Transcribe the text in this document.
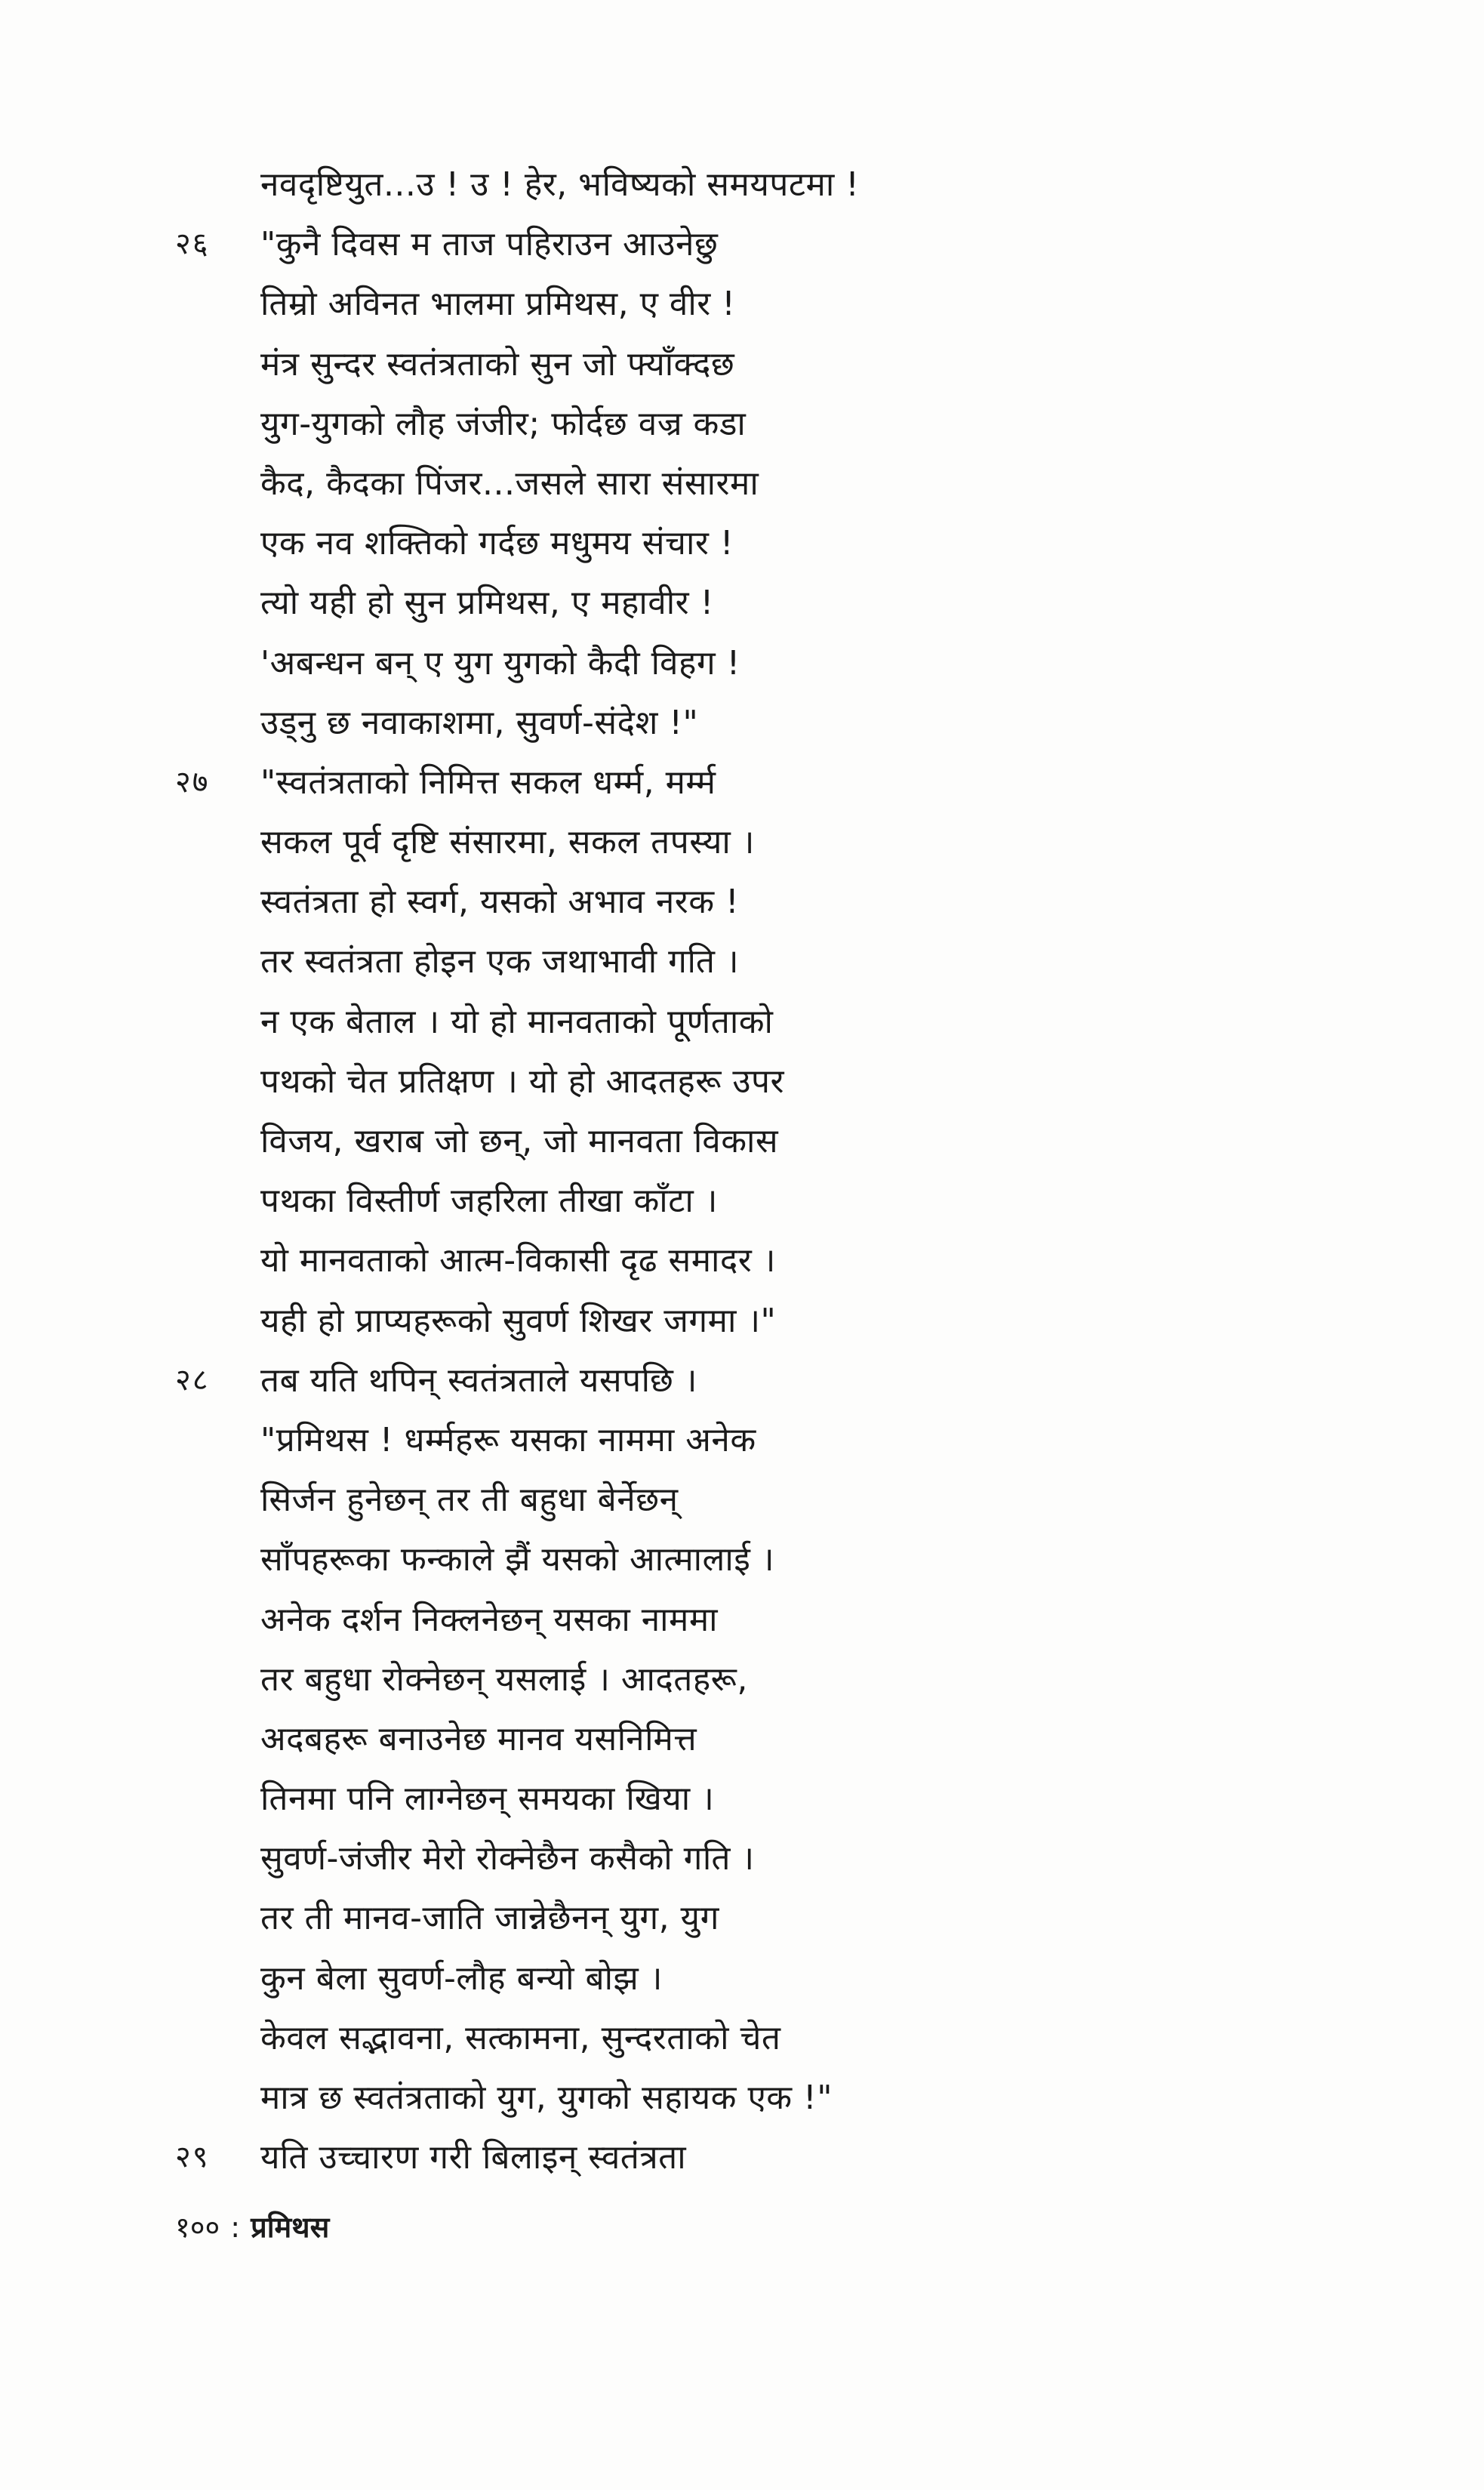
नवदृष्टियुत...उ ! उ ! हेर, भविष्यको समयपटमा !
२६	"कुनै दिवस म ताज पहिराउन आउनेछु
तिम्रो अविनत भालमा प्रमिथस, ए वीर !
मंत्र सुन्दर स्वतंत्रताको सुन जो फ्याँक्दछ
युग-युगको लौह जंजीर; फोर्दछ वज्र कडा
कैद, कैदका पिंजर...जसले सारा संसारमा
एक नव शक्तिको गर्दछ मधुमय संचार !
त्यो यही हो सुन प्रमिथस, ए महावीर !
'अबन्धन बन् ए युग युगको कैदी विहग !
उड्नु छ नवाकाशमा, सुवर्ण-संदेश !"
२७	"स्वतंत्रताको निमित्त सकल धर्म्म, मर्म्म
सकल पूर्व दृष्टि संसारमा, सकल तपस्या ।
स्वतंत्रता हो स्वर्ग, यसको अभाव नरक !
तर स्वतंत्रता होइन एक जथाभावी गति ।
न एक बेताल । यो हो मानवताको पूर्णताको
पथको चेत प्रतिक्षण । यो हो आदतहरू उपर
विजय, खराब जो छन्, जो मानवता विकास
पथका विस्तीर्ण जहरिला तीखा काँटा ।
यो मानवताको आत्म-विकासी दृढ समादर ।
यही हो प्राप्यहरूको सुवर्ण शिखर जगमा ।"
२८	तब यति थपिन् स्वतंत्रताले यसपछि ।
"प्रमिथस ! धर्म्महरू यसका नाममा अनेक
सिर्जन हुनेछन् तर ती बहुधा बेर्नेछन्
साँपहरूका फन्काले झैं यसको आत्मालाई ।
अनेक दर्शन निक्लनेछन् यसका नाममा
तर बहुधा रोक्नेछन् यसलाई । आदतहरू,
अदबहरू बनाउनेछ मानव यसनिमित्त
तिनमा पनि लाग्नेछन् समयका खिया ।
सुवर्ण-जंजीर मेरो रोक्नेछैन कसैको गति ।
तर ती मानव-जाति जान्नेछैनन् युग, युग
कुन बेला सुवर्ण-लौह बन्यो बोझ ।
केवल सद्भावना, सत्कामना, सुन्दरताको चेत
मात्र छ स्वतंत्रताको युग, युगको सहायक एक !"
२९	यति उच्चारण गरी बिलाइन् स्वतंत्रता
१०० : प्रमिथस
